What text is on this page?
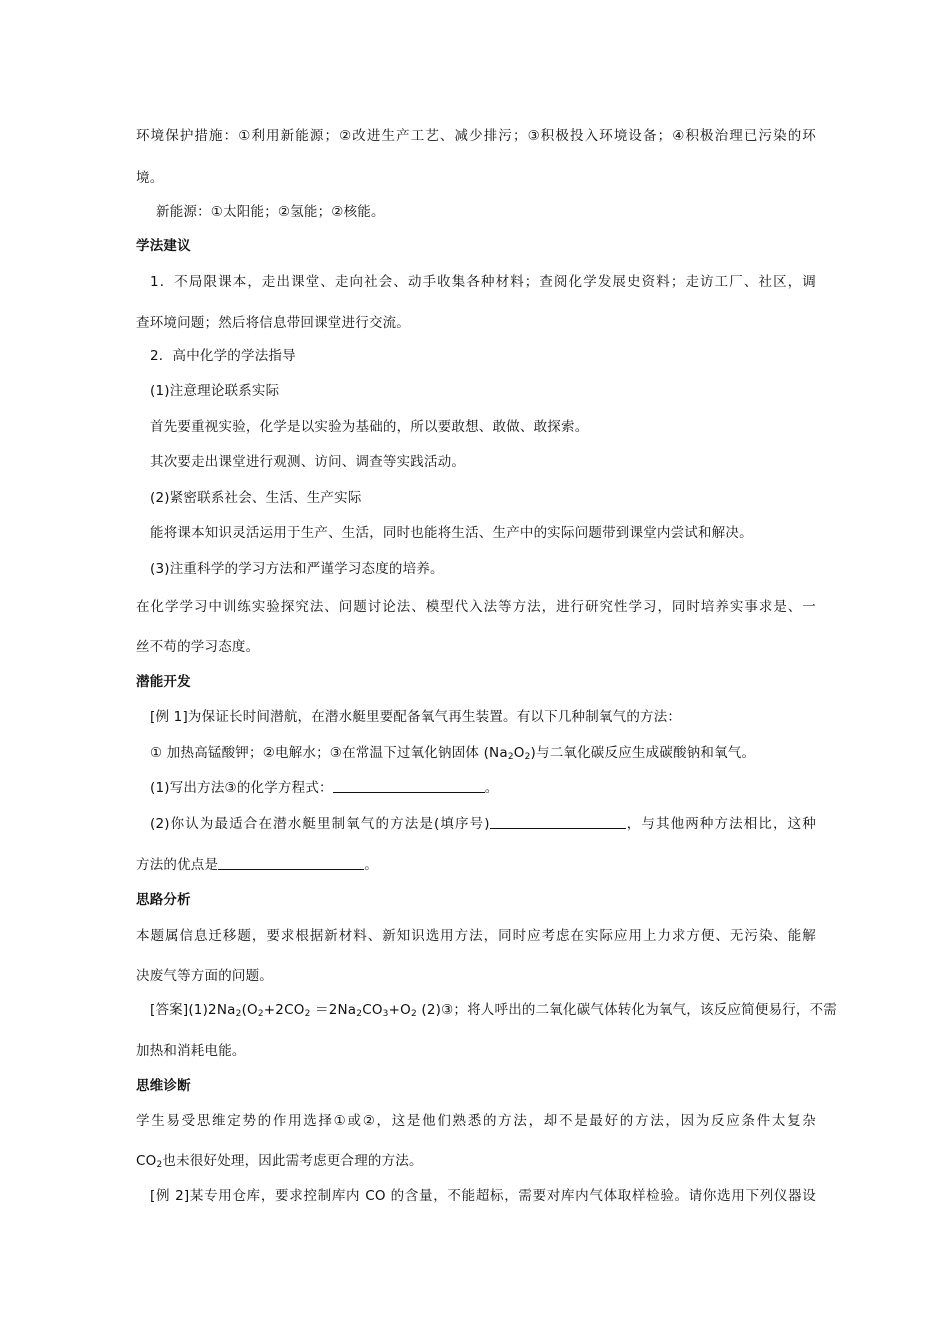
环境保护措施：①利用新能源；②改进生产工艺、减少排污；③积极投入环境设备；④积极治理已污染的环
境。
新能源：①太阳能；②氢能；②核能。
学法建议
1．不局限课本，走出课堂、走向社会、动手收集各种材料；查阅化学发展史资料；走访工厂、社区，调
查环境问题；然后将信息带回课堂进行交流。
2．高中化学的学法指导
(1)注意理论联系实际
首先要重视实验，化学是以实验为基础的，所以要敢想、敢做、敢探索。
其次要走出课堂进行观测、访问、调查等实践活动。
(2)紧密联系社会、生活、生产实际
能将课本知识灵活运用于生产、生活，同时也能将生活、生产中的实际问题带到课堂内尝试和解决。
(3)注重科学的学习方法和严谨学习态度的培养。
在化学学习中训练实验探究法、问题讨论法、模型代入法等方法，进行研究性学习，同时培养实事求是、一
丝不苟的学习态度。
潜能开发
[例 1]为保证长时间潜航，在潜水艇里要配备氧气再生装置。有以下几种制氧气的方法：
① 加热高锰酸钾；②电解水；③在常温下过氧化钠固体 $(Na_2O_2)$与二氧化碳反应生成碳酸钠和氧气。
(1)写出方法③的化学方程式：	。
(2)你认为最适合在潜水艇里制氧气的方法是(填序号)	，与其他两种方法相比，这种
方法的优点是	。
思路分析
本题属信息迁移题，要求根据新材料、新知识选用方法，同时应考虑在实际应用上力求方便、无污染、能解
决废气等方面的问题。
[答案]$(1)2Na_2(O_2+2CO_2 =2Na_2CO_3+O_2$ (2)③；将人呼出的二氧化碳气体转化为氧气，该反应简便易行，不需
加热和消耗电能。
思维诊断
学生易受思维定势的作用选择①或②，这是他们熟悉的方法，却不是最好的方法，因为反应条件太复杂
$CO_2$也未很好处理，因此需考虑更合理的方法。
[例 2]某专用仓库，要求控制库内 CO 的含量，不能超标，需要对库内气体取样检验。请你选用下列仪器设
